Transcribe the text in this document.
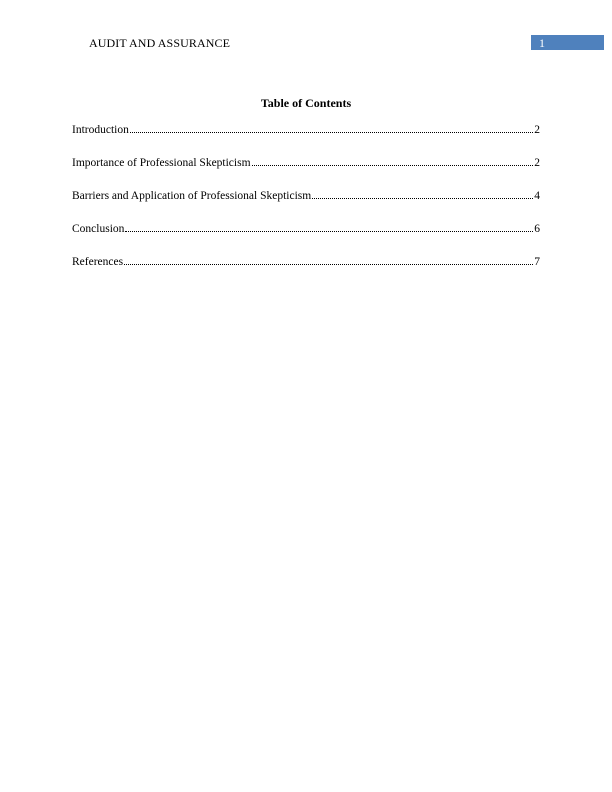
AUDIT AND ASSURANCE	1
Table of Contents
Introduction	2
Importance of Professional Skepticism	2
Barriers and Application of Professional Skepticism	4
Conclusion	6
References	7
